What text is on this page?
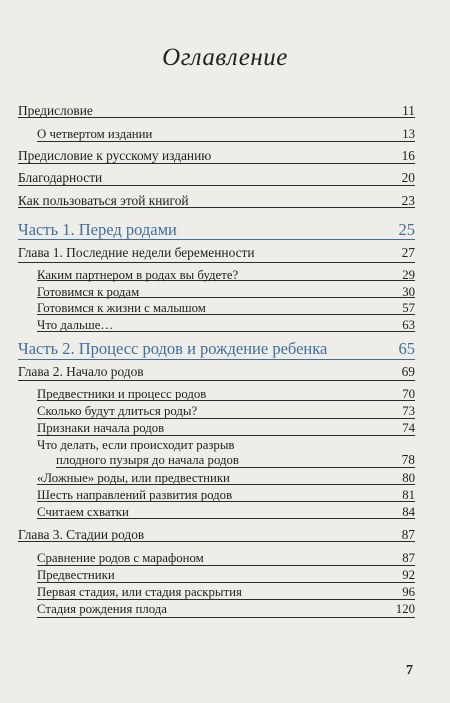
Оглавление
Предисловие	11
О четвертом издании	13
Предисловие к русскому изданию	16
Благодарности	20
Как пользоваться этой книгой	23
Часть 1. Перед родами	25
Глава 1. Последние недели беременности	27
Каким партнером в родах вы будете?	29
Готовимся к родам	30
Готовимся к жизни с малышом	57
Что дальше…	63
Часть 2. Процесс родов и рождение ребенка	65
Глава 2. Начало родов	69
Предвестники и процесс родов	70
Сколько будут длиться роды?	73
Признаки начала родов	74
Что делать, если происходит разрыв
плодного пузыря до начала родов	78
«Ложные» роды, или предвестники	80
Шесть направлений развития родов	81
Считаем схватки	84
Глава 3. Стадии родов	87
Сравнение родов с марафоном	87
Предвестники	92
Первая стадия, или стадия раскрытия	96
Стадия рождения плода	120
7
